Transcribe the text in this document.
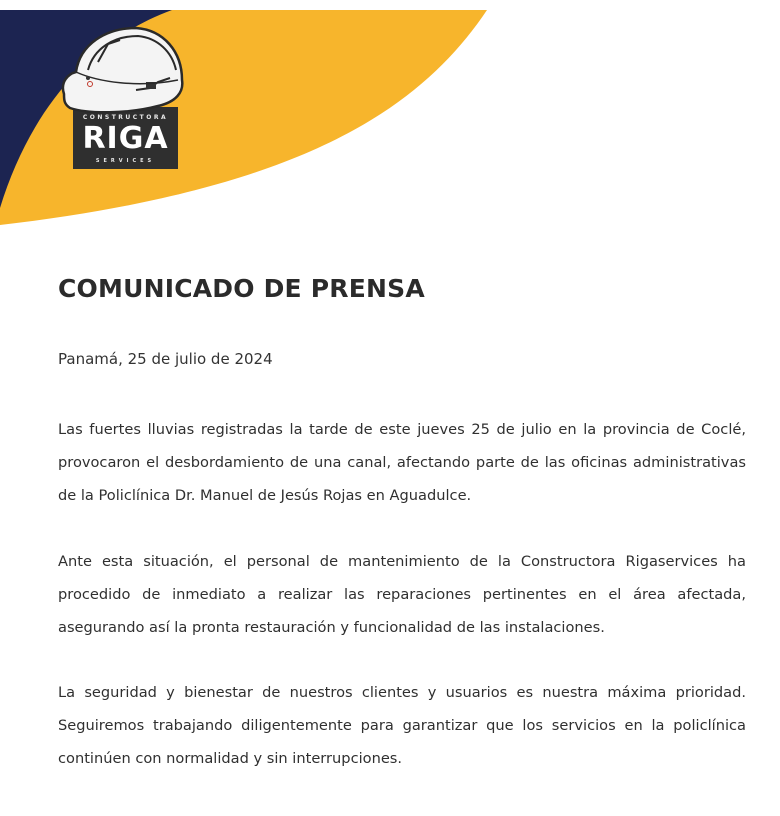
CONSTRUCTORA
RIGA
SERVICES
COMUNICADO DE PRENSA
Panamá, 25 de julio de 2024

Las fuertes lluvias registradas la tarde de este jueves 25 de julio en la provincia de Coclé, provocaron el desbordamiento de una canal, afectando parte de las oficinas administrativas de la Policlínica Dr. Manuel de Jesús Rojas en Aguadulce.

Ante esta situación, el personal de mantenimiento de la Constructora Rigaservices ha procedido de inmediato a realizar las reparaciones pertinentes en el área afectada, asegurando así la pronta restauración y funcionalidad de las instalaciones.

La seguridad y bienestar de nuestros clientes y usuarios es nuestra máxima prioridad. Seguiremos trabajando diligentemente para garantizar que los servicios en la policlínica continúen con normalidad y sin interrupciones.
